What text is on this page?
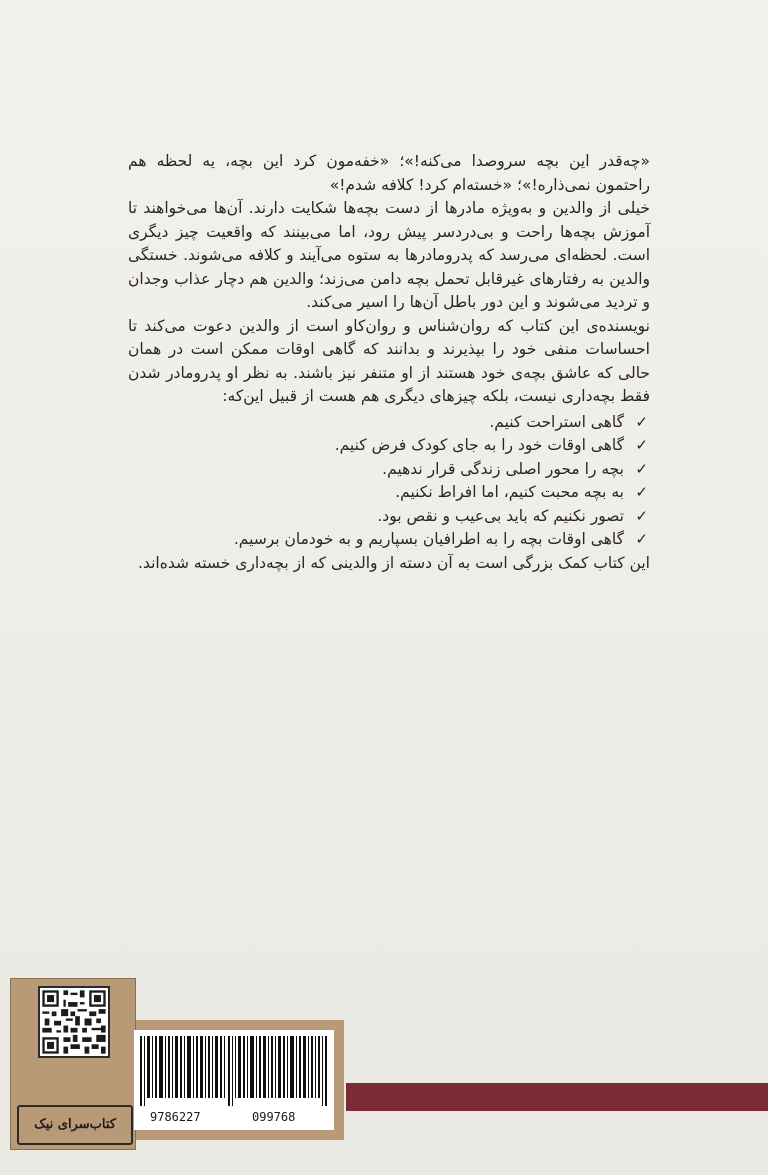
«چه‌قدر این بچه سروصدا می‌کنه!»؛ «خفه‌مون کرد این بچه، یه لحظه هم راحتمون نمی‌ذاره!»؛ «خسته‌ام کرد! کلافه شدم!»

خیلی از والدین و به‌ویژه مادرها از دست بچه‌ها شکایت دارند. آن‌ها می‌خواهند تا آموزش بچه‌ها راحت و بی‌دردسر پیش رود، اما می‌بینند که واقعیت چیز دیگری است. لحظه‌ای می‌رسد که پدرومادرها به ستوه می‌آیند و کلافه می‌شوند. خستگی والدین به رفتارهای غیرقابل تحمل بچه دامن می‌زند؛ والدین هم دچار عذاب وجدان و تردید می‌شوند و این دور باطل آن‌ها را اسیر می‌کند.

نویسنده‌ی این کتاب که روان‌شناس و روان‌کاو است از والدین دعوت می‌کند تا احساسات منفی خود را بپذیرند و بدانند که گاهی اوقات ممکن است در همان حالی که عاشق بچه‌ی خود هستند از او متنفر نیز باشند. به نظر او پدرومادر شدن فقط بچه‌داری نیست، بلکه چیزهای دیگری هم هست از قبیل این‌که:

✓
گاهی استراحت کنیم.
✓
گاهی اوقات خود را به جای کودک فرض کنیم.
✓
بچه را محور اصلی زندگی قرار ندهیم.
✓
به بچه محبت کنیم، اما افراط نکنیم.
✓
تصور نکنیم که باید بی‌عیب و نقص بود.
✓
گاهی اوقات بچه را به اطرافیان بسپاریم و به خودمان برسیم.

این کتاب کمک بزرگی است به آن دسته از والدینی که از بچه‌داری خسته شده‌اند.

کتاب‌سرای نیک	9786227	099768
